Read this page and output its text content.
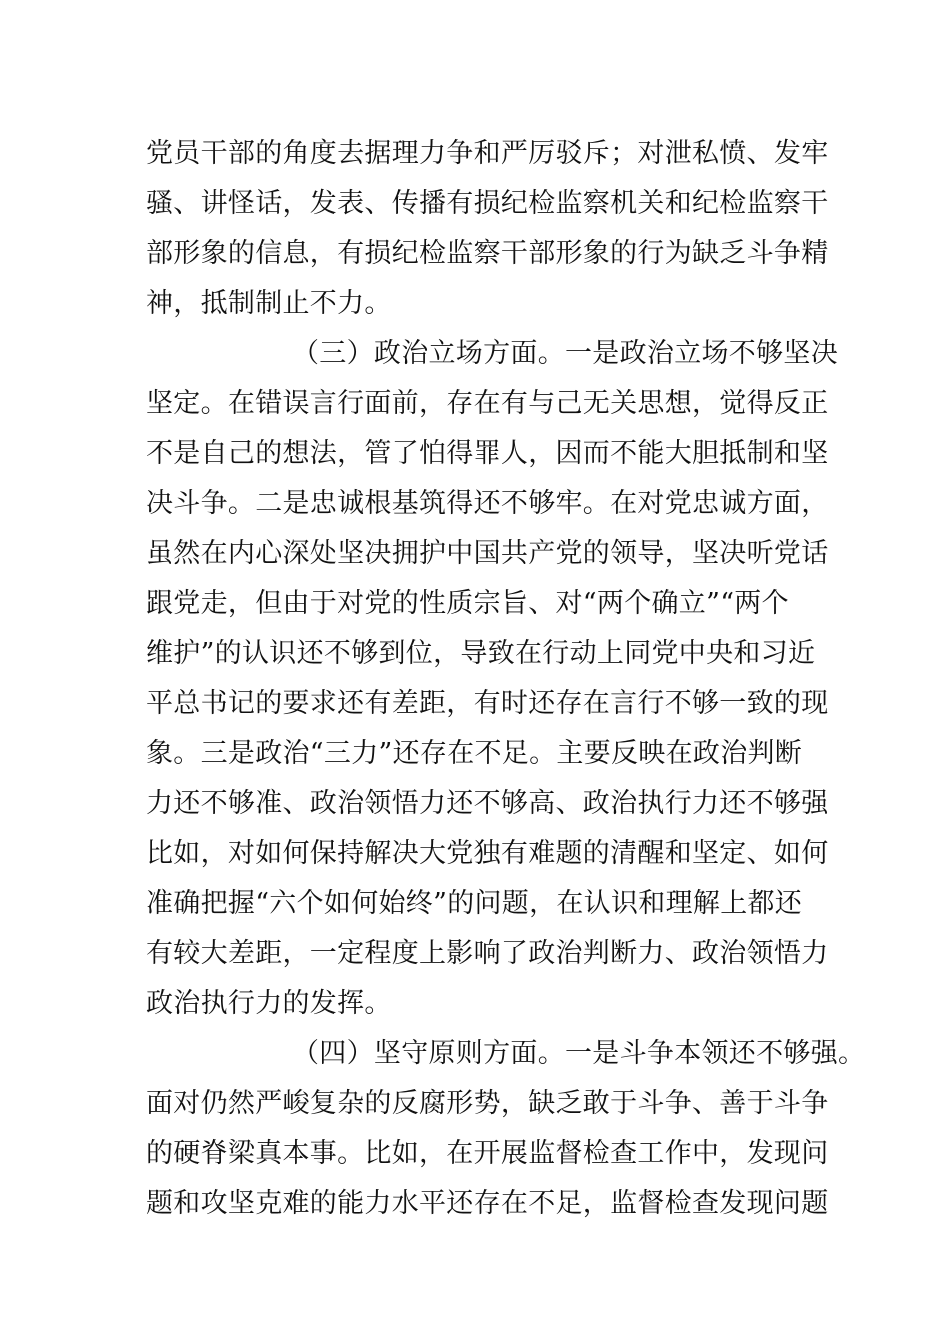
党员干部的角度去据理力争和严厉驳斥；对泄私愤、发牢
骚、讲怪话，发表、传播有损纪检监察机关和纪检监察干
部形象的信息，有损纪检监察干部形象的行为缺乏斗争精
神，抵制制止不力。
（三）政治立场方面。一是政治立场不够坚决
坚定。在错误言行面前，存在有与己无关思想，觉得反正
不是自己的想法，管了怕得罪人，因而不能大胆抵制和坚
决斗争。二是忠诚根基筑得还不够牢。在对党忠诚方面，
虽然在内心深处坚决拥护中国共产党的领导，坚决听党话
跟党走，但由于对党的性质宗旨、对“两个确立”“两个
维护”的认识还不够到位，导致在行动上同党中央和习近
平总书记的要求还有差距，有时还存在言行不够一致的现
象。三是政治“三力”还存在不足。主要反映在政治判断
力还不够准、政治领悟力还不够高、政治执行力还不够强
比如，对如何保持解决大党独有难题的清醒和坚定、如何
准确把握“六个如何始终”的问题，在认识和理解上都还
有较大差距，一定程度上影响了政治判断力、政治领悟力
政治执行力的发挥。
（四）坚守原则方面。一是斗争本领还不够强。
面对仍然严峻复杂的反腐形势，缺乏敢于斗争、善于斗争
的硬脊梁真本事。比如，在开展监督检查工作中，发现问
题和攻坚克难的能力水平还存在不足，监督检查发现问题
